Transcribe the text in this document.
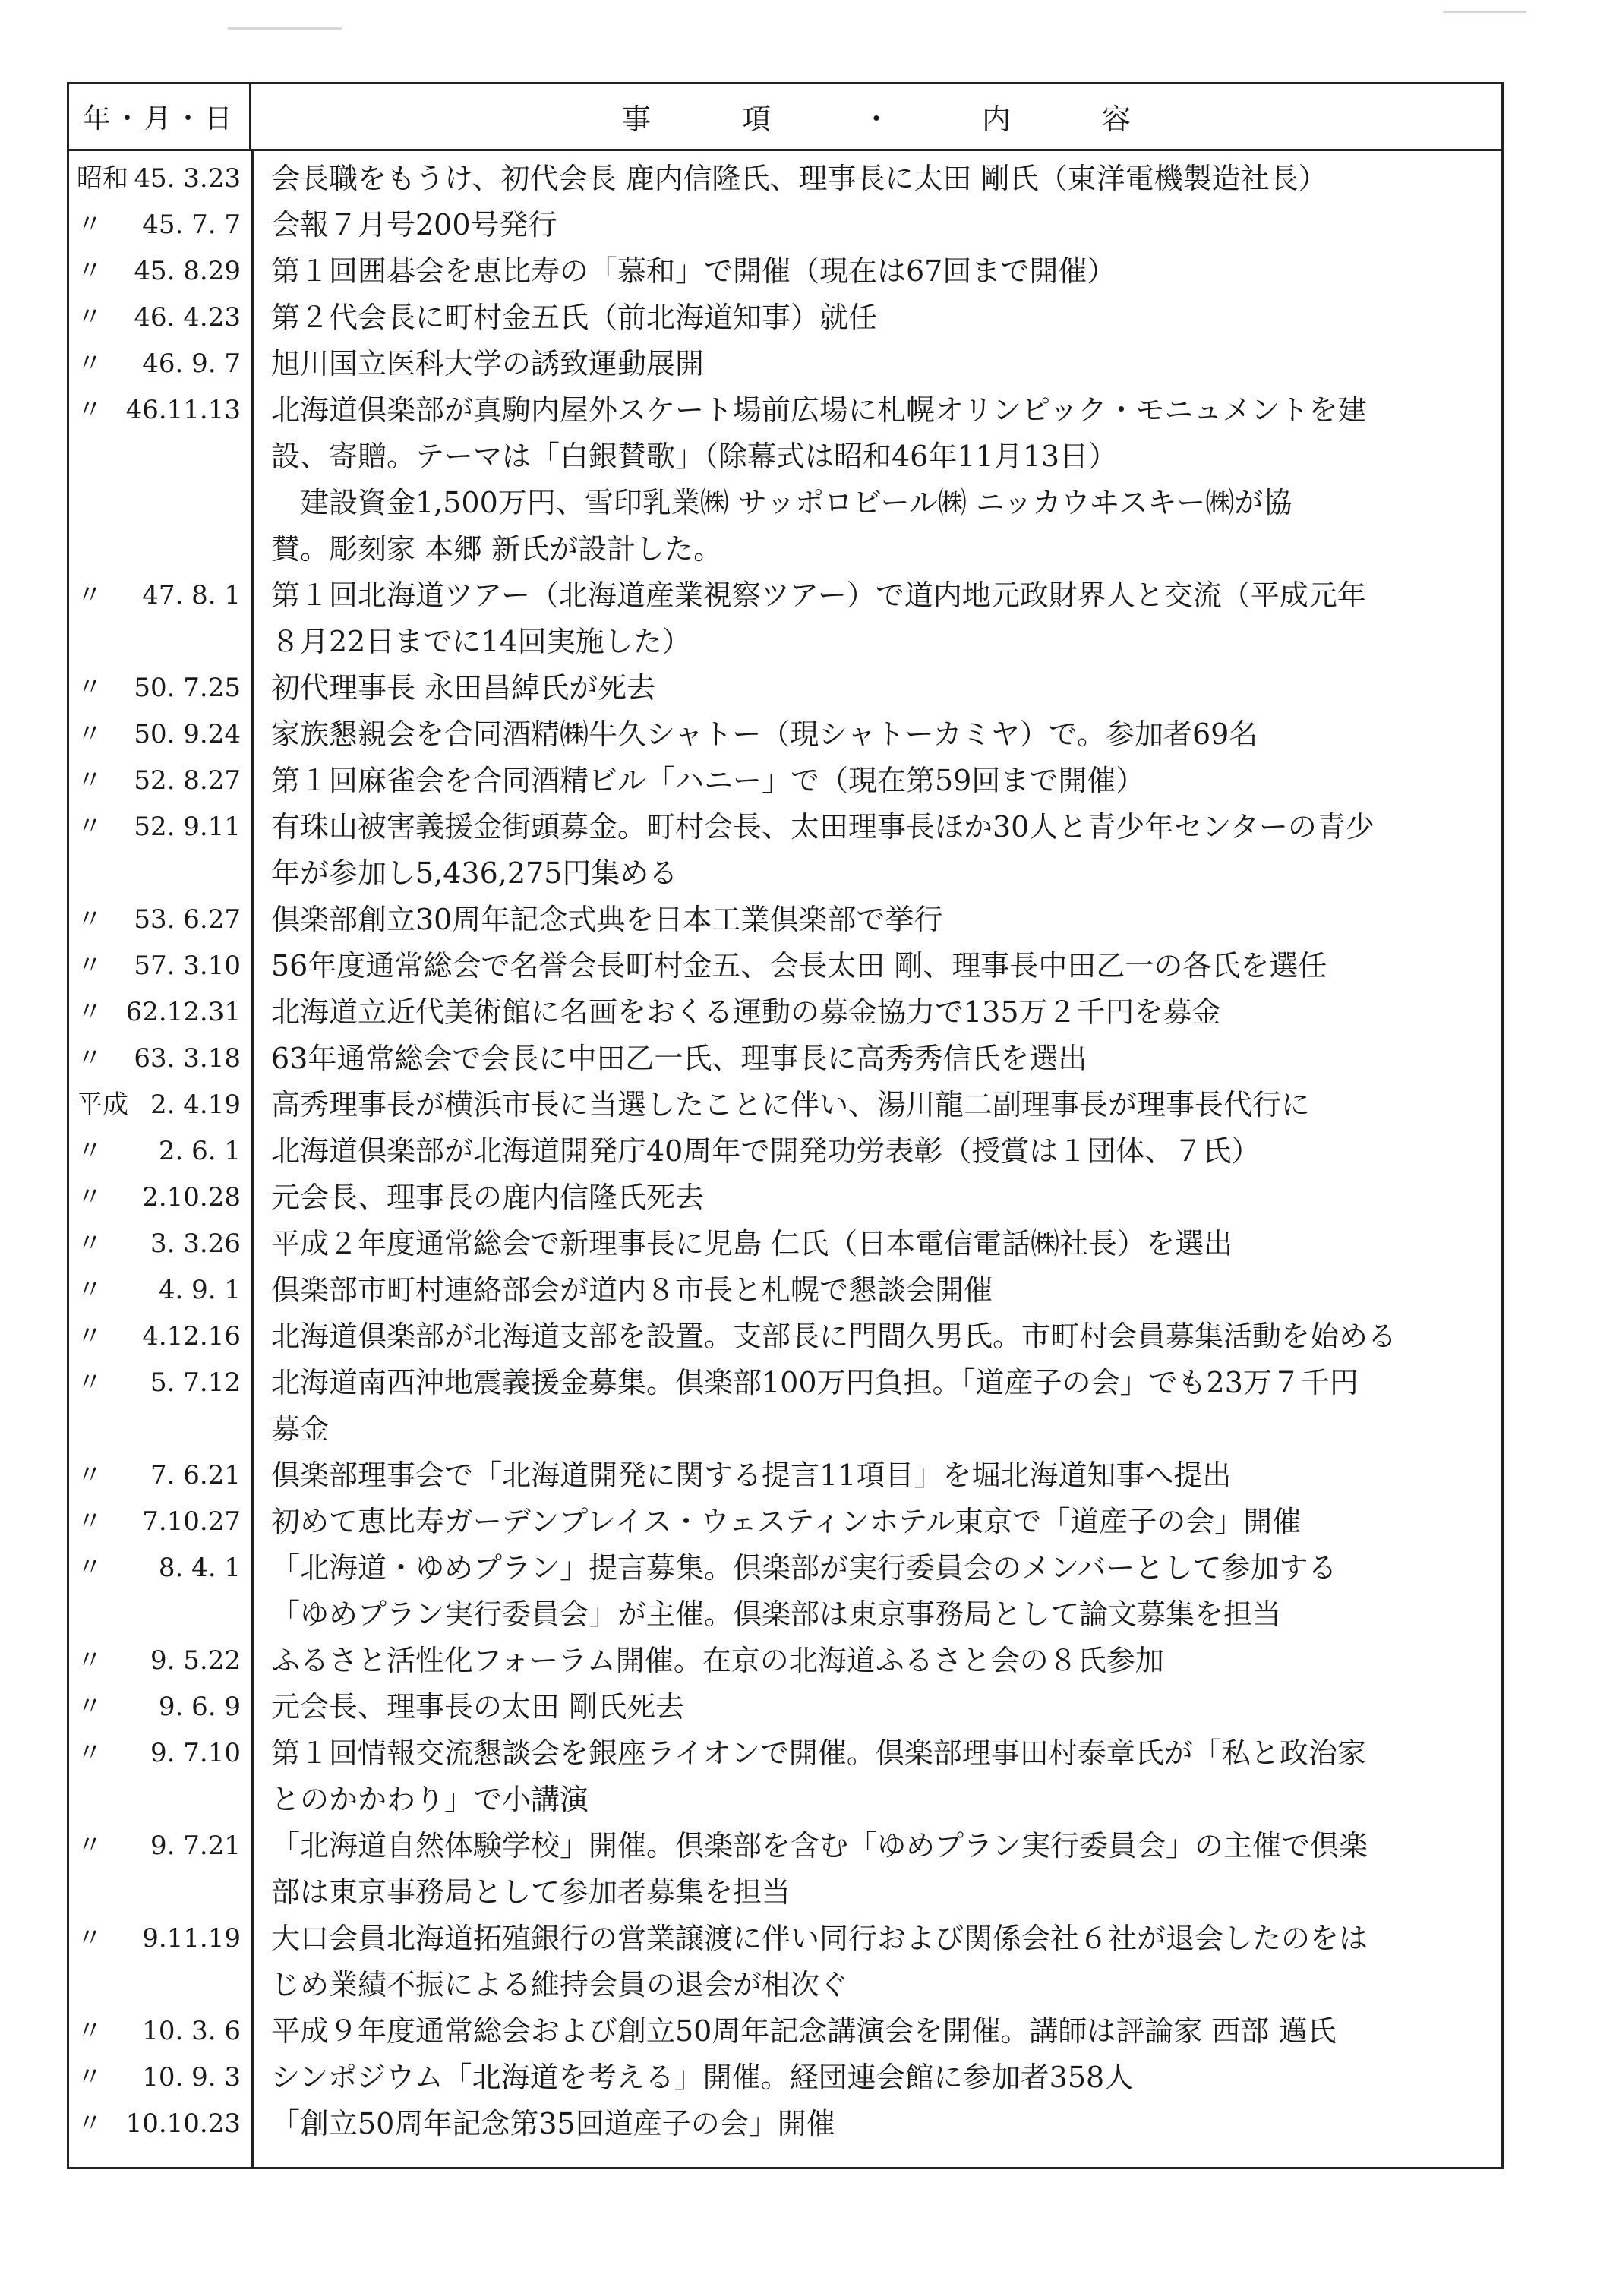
年・月・日	事項・内容
昭和 45. 3.23 会長職をもうけ、初代会長 鹿内信隆氏、理事長に太田 剛氏（東洋電機製造社長）
〃 45. 7. 7 会報７月号200号発行
〃 45. 8.29 第１回囲碁会を恵比寿の「慕和」で開催（現在は67回まで開催）
〃 46. 4.23 第２代会長に町村金五氏（前北海道知事）就任
〃 46. 9. 7 旭川国立医科大学の誘致運動展開
〃 46.11.13 北海道倶楽部が真駒内屋外スケート場前広場に札幌オリンピック・モニュメントを建
設、寄贈。テーマは「白銀賛歌」（除幕式は昭和46年11月13日）
　建設資金1,500万円、雪印乳業㈱ サッポロビール㈱ ニッカウヰスキー㈱が協
賛。彫刻家 本郷 新氏が設計した。
〃 47. 8. 1 第１回北海道ツアー（北海道産業視察ツアー）で道内地元政財界人と交流（平成元年
８月22日までに14回実施した）
〃 50. 7.25 初代理事長 永田昌綽氏が死去
〃 50. 9.24 家族懇親会を合同酒精㈱牛久シャトー（現シャトーカミヤ）で。参加者69名
〃 52. 8.27 第１回麻雀会を合同酒精ビル「ハニー」で（現在第59回まで開催）
〃 52. 9.11 有珠山被害義援金街頭募金。町村会長、太田理事長ほか30人と青少年センターの青少
年が参加し5,436,275円集める
〃 53. 6.27 倶楽部創立30周年記念式典を日本工業倶楽部で挙行
〃 57. 3.10 56年度通常総会で名誉会長町村金五、会長太田 剛、理事長中田乙一の各氏を選任
〃 62.12.31 北海道立近代美術館に名画をおくる運動の募金協力で135万２千円を募金
〃 63. 3.18 63年通常総会で会長に中田乙一氏、理事長に高秀秀信氏を選出
平成 2. 4.19 高秀理事長が横浜市長に当選したことに伴い、湯川龍二副理事長が理事長代行に
〃 2. 6. 1 北海道倶楽部が北海道開発庁40周年で開発功労表彰（授賞は１団体、７氏）
〃 2.10.28 元会長、理事長の鹿内信隆氏死去
〃 3. 3.26 平成２年度通常総会で新理事長に児島 仁氏（日本電信電話㈱社長）を選出
〃 4. 9. 1 倶楽部市町村連絡部会が道内８市長と札幌で懇談会開催
〃 4.12.16 北海道倶楽部が北海道支部を設置。支部長に門間久男氏。市町村会員募集活動を始める
〃 5. 7.12 北海道南西沖地震義援金募集。倶楽部100万円負担。「道産子の会」でも23万７千円
募金
〃 7. 6.21 倶楽部理事会で「北海道開発に関する提言11項目」を堀北海道知事へ提出
〃 7.10.27 初めて恵比寿ガーデンプレイス・ウェスティンホテル東京で「道産子の会」開催
〃 8. 4. 1 「北海道・ゆめプラン」提言募集。倶楽部が実行委員会のメンバーとして参加する
「ゆめプラン実行委員会」が主催。倶楽部は東京事務局として論文募集を担当
〃 9. 5.22 ふるさと活性化フォーラム開催。在京の北海道ふるさと会の８氏参加
〃 9. 6. 9 元会長、理事長の太田 剛氏死去
〃 9. 7.10 第１回情報交流懇談会を銀座ライオンで開催。倶楽部理事田村泰章氏が「私と政治家
とのかかわり」で小講演
〃 9. 7.21 「北海道自然体験学校」開催。倶楽部を含む「ゆめプラン実行委員会」の主催で倶楽
部は東京事務局として参加者募集を担当
〃 9.11.19 大口会員北海道拓殖銀行の営業譲渡に伴い同行および関係会社６社が退会したのをは
じめ業績不振による維持会員の退会が相次ぐ
〃 10. 3. 6 平成９年度通常総会および創立50周年記念講演会を開催。講師は評論家 西部 邁氏
〃 10. 9. 3 シンポジウム「北海道を考える」開催。経団連会館に参加者358人
〃 10.10.23 「創立50周年記念第35回道産子の会」開催
